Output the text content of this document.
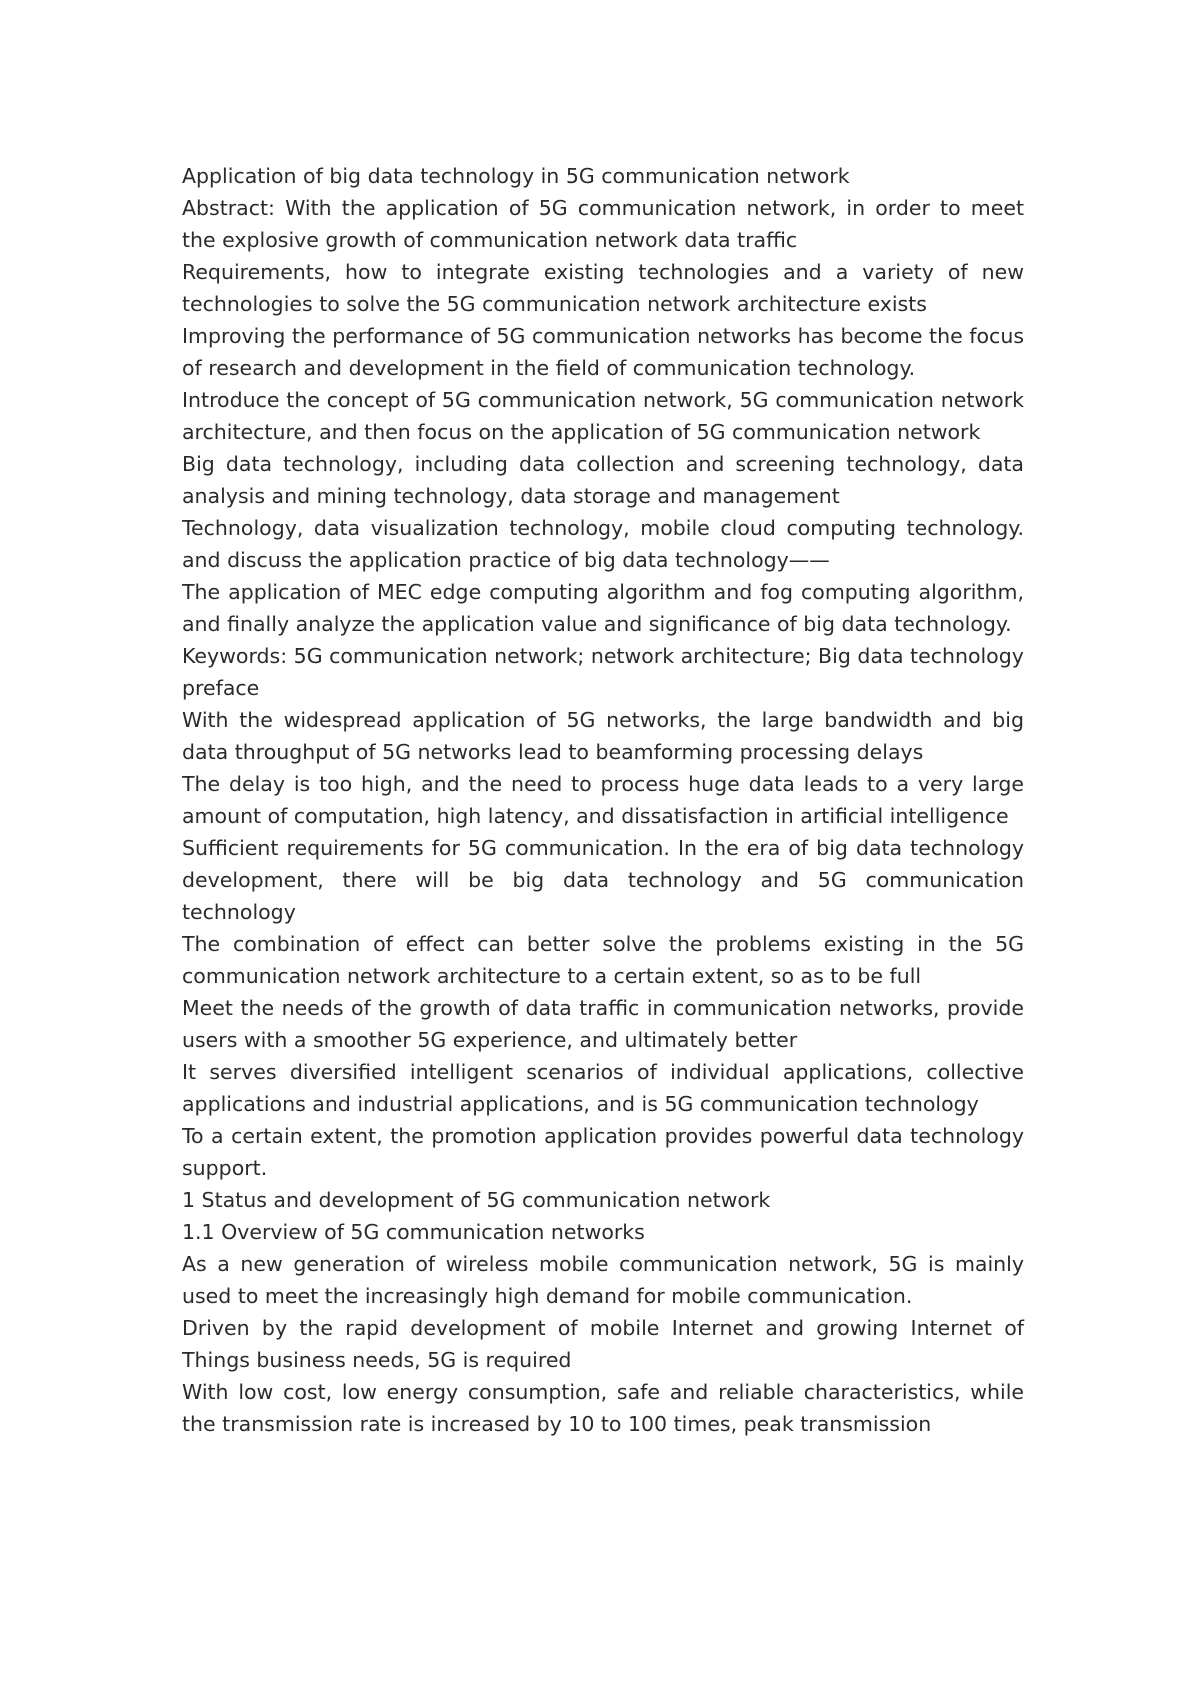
Application of big data technology in 5G communication network

Abstract: With the application of 5G communication network, in order to meet the explosive growth of communication network data traffic

Requirements, how to integrate existing technologies and a variety of new technologies to solve the 5G communication network architecture exists

Improving the performance of 5G communication networks has become the focus of research and development in the field of communication technology.

Introduce the concept of 5G communication network, 5G communication network architecture, and then focus on the application of 5G communication network

Big data technology, including data collection and screening technology, data analysis and mining technology, data storage and management

Technology, data visualization technology, mobile cloud computing technology. and discuss the application practice of big data technology——

The application of MEC edge computing algorithm and fog computing algorithm, and finally analyze the application value and significance of big data technology.

Keywords: 5G communication network; network architecture; Big data technology

preface

With the widespread application of 5G networks, the large bandwidth and big data throughput of 5G networks lead to beamforming processing delays

The delay is too high, and the need to process huge data leads to a very large amount of computation, high latency, and dissatisfaction in artificial intelligence

Sufficient requirements for 5G communication. In the era of big data technology development, there will be big data technology and 5G communication technology

The combination of effect can better solve the problems existing in the 5G communication network architecture to a certain extent, so as to be full

Meet the needs of the growth of data traffic in communication networks, provide users with a smoother 5G experience, and ultimately better

It serves diversified intelligent scenarios of individual applications, collective applications and industrial applications, and is 5G communication technology

To a certain extent, the promotion application provides powerful data technology support.

1 Status and development of 5G communication network

1.1 Overview of 5G communication networks

As a new generation of wireless mobile communication network, 5G is mainly used to meet the increasingly high demand for mobile communication.

Driven by the rapid development of mobile Internet and growing Internet of Things business needs, 5G is required

With low cost, low energy consumption, safe and reliable characteristics, while the transmission rate is increased by 10 to 100 times, peak transmission
